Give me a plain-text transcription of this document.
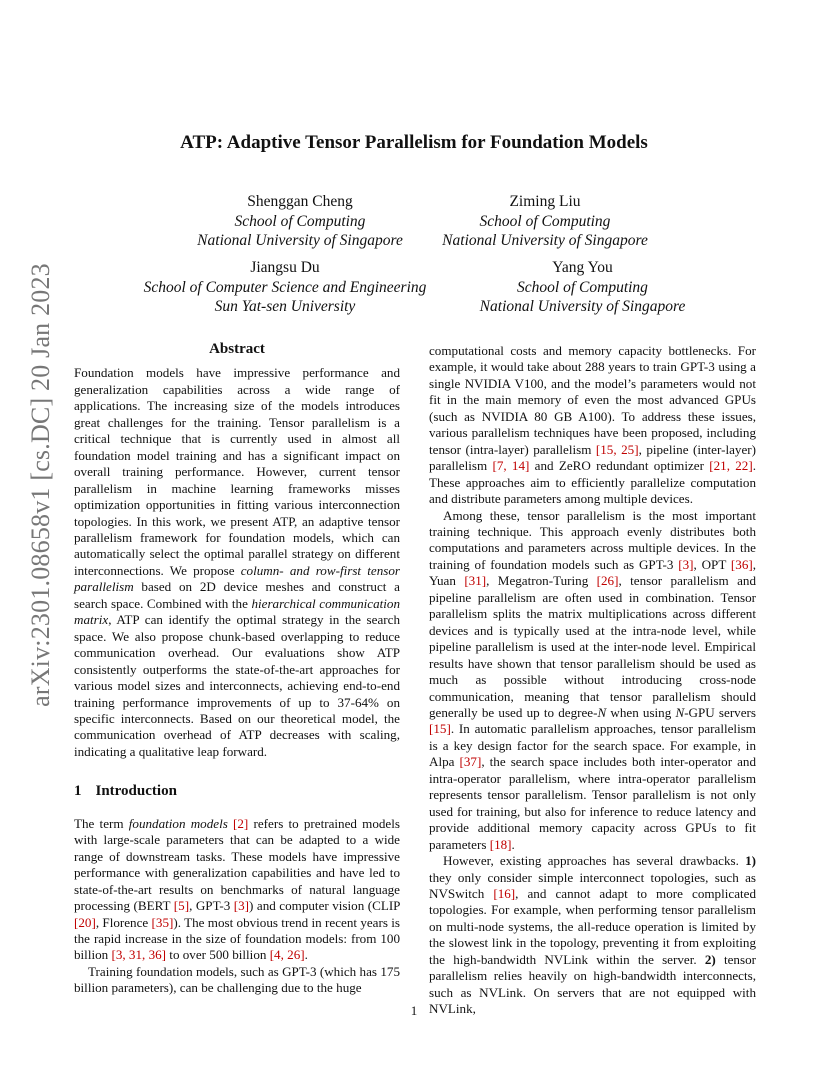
arXiv:2301.08658v1 [cs.DC] 20 Jan 2023
ATP: Adaptive Tensor Parallelism for Foundation Models
Shenggan Cheng
School of Computing
National University of Singapore
Ziming Liu
School of Computing
National University of Singapore
Jiangsu Du
School of Computer Science and Engineering
Sun Yat-sen University
Yang You
School of Computing
National University of Singapore
Abstract

Foundation models have impressive performance and generalization capabilities across a wide range of applications. The increasing size of the models introduces great challenges for the training. Tensor parallelism is a critical technique that is currently used in almost all foundation model training and has a significant impact on overall training performance. However, current tensor parallelism in machine learning frameworks misses optimization opportunities in fitting various interconnection topologies. In this work, we present ATP, an adaptive tensor parallelism framework for foundation models, which can automatically select the optimal parallel strategy on different interconnections. We propose column- and row-first tensor parallelism based on 2D device meshes and construct a search space. Combined with the hierarchical communication matrix, ATP can identify the optimal strategy in the search space. We also propose chunk-based overlapping to reduce communication overhead. Our evaluations show ATP consistently outperforms the state-of-the-art approaches for various model sizes and interconnects, achieving end-to-end training performance improvements of up to 37-64% on specific interconnects. Based on our theoretical model, the communication overhead of ATP decreases with scaling, indicating a qualitative leap forward.

1 Introduction

The term foundation models [2] refers to pretrained models with large-scale parameters that can be adapted to a wide range of downstream tasks. These models have impressive performance with generalization capabilities and have led to state-of-the-art results on benchmarks of natural language processing (BERT [5], GPT-3 [3]) and computer vision (CLIP [20], Florence [35]). The most obvious trend in recent years is the rapid increase in the size of foundation models: from 100 billion [3, 31, 36] to over 500 billion [4, 26].

Training foundation models, such as GPT-3 (which has 175 billion parameters), can be challenging due to the huge

computational costs and memory capacity bottlenecks. For example, it would take about 288 years to train GPT-3 using a single NVIDIA V100, and the model’s parameters would not fit in the main memory of even the most advanced GPUs (such as NVIDIA 80 GB A100). To address these issues, various parallelism techniques have been proposed, including tensor (intra-layer) parallelism [15, 25], pipeline (inter-layer) parallelism [7, 14] and ZeRO redundant optimizer [21, 22]. These approaches aim to efficiently parallelize computation and distribute parameters among multiple devices.

Among these, tensor parallelism is the most important training technique. This approach evenly distributes both computations and parameters across multiple devices. In the training of foundation models such as GPT-3 [3], OPT [36], Yuan [31], Megatron-Turing [26], tensor parallelism and pipeline parallelism are often used in combination. Tensor parallelism splits the matrix multiplications across different devices and is typically used at the intra-node level, while pipeline parallelism is used at the inter-node level. Empirical results have shown that tensor parallelism should be used as much as possible without introducing cross-node communication, meaning that tensor parallelism should generally be used up to degree-N when using N-GPU servers [15]. In automatic parallelism approaches, tensor parallelism is a key design factor for the search space. For example, in Alpa [37], the search space includes both inter-operator and intra-operator parallelism, where intra-operator parallelism represents tensor parallelism. Tensor parallelism is not only used for training, but also for inference to reduce latency and provide additional memory capacity across GPUs to fit parameters [18].

However, existing approaches has several drawbacks. 1) they only consider simple interconnect topologies, such as NVSwitch [16], and cannot adapt to more complicated topologies. For example, when performing tensor parallelism on multi-node systems, the all-reduce operation is limited by the slowest link in the topology, preventing it from exploiting the high-bandwidth NVLink within the server. 2) tensor parallelism relies heavily on high-bandwidth interconnects, such as NVLink. On servers that are not equipped with NVLink,

1
